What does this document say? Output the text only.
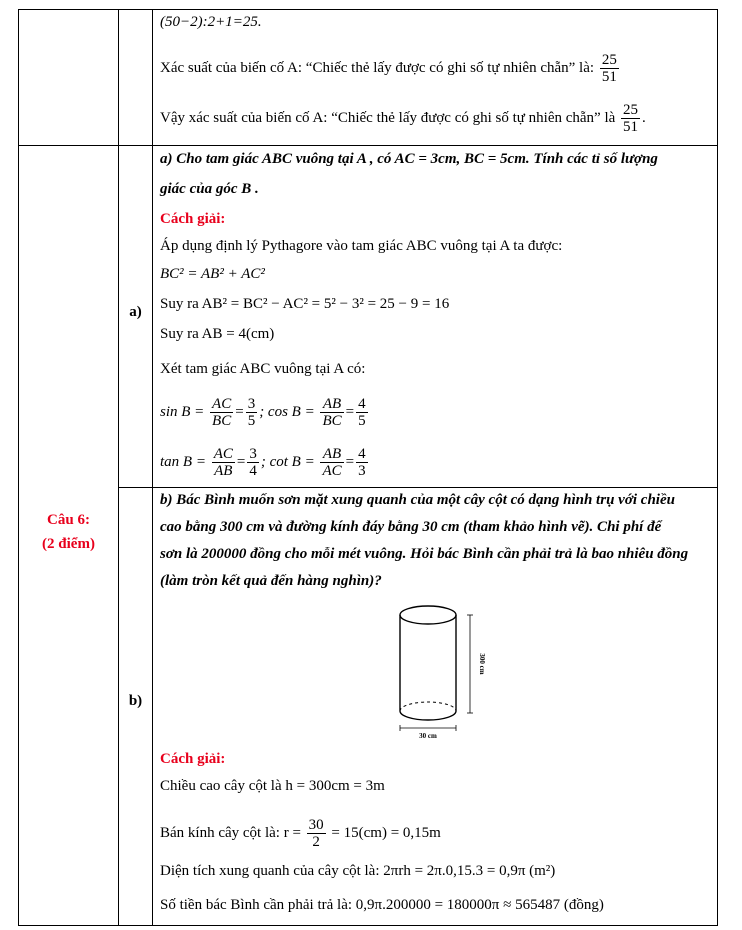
(50−2):2+1=25.
Xác suất của biến cố A: “Chiếc thẻ lấy được có ghi số tự nhiên chẵn” là: $\frac{25}{51}$
Vậy xác suất của biến cố A: “Chiếc thẻ lấy được có ghi số tự nhiên chẵn” là $\frac{25}{51}$ .
Câu 6:
(2 điểm)
a)
a) Cho tam giác ABC vuông tại A , có AC = 3cm, BC = 5cm. Tính các tỉ số lượng
giác của góc B .
Cách giải:
Áp dụng định lý Pythagore vào tam giác ABC vuông tại A ta được:
BC² = AB² + AC²
Suy ra AB² = BC² − AC² = 5² − 3² = 25 − 9 = 16
Suy ra AB = 4(cm)
Xét tam giác ABC vuông tại A có:
$\sin B = \frac{AC}{BC} = \frac{3}{5}$ ; $\cos B = \frac{AB}{BC} = \frac{4}{5}$
$\tan B = \frac{AC}{AB} = \frac{3}{4}$ ; $\cot B = \frac{AB}{AC} = \frac{4}{3}$
b)
b) Bác Bình muốn sơn mặt xung quanh của một cây cột có dạng hình trụ với chiều
cao bằng 300 cm và đường kính đáy bằng 30 cm (tham khảo hình vẽ). Chi phí để
sơn là 200000 đồng cho mỗi mét vuông. Hỏi bác Bình cần phải trả là bao nhiêu đồng
(làm tròn kết quả đến hàng nghìn)?
300 cm
30 cm
Cách giải:
Chiều cao cây cột là h = 300cm = 3m
Bán kính cây cột là: $r = \frac{30}{2} = 15(cm) = 0,15m$
Diện tích xung quanh của cây cột là: 2πrh = 2π.0,15.3 = 0,9π (m²)
Số tiền bác Bình cần phải trả là: 0,9π.200000 = 180000π ≈ 565487 (đồng)
